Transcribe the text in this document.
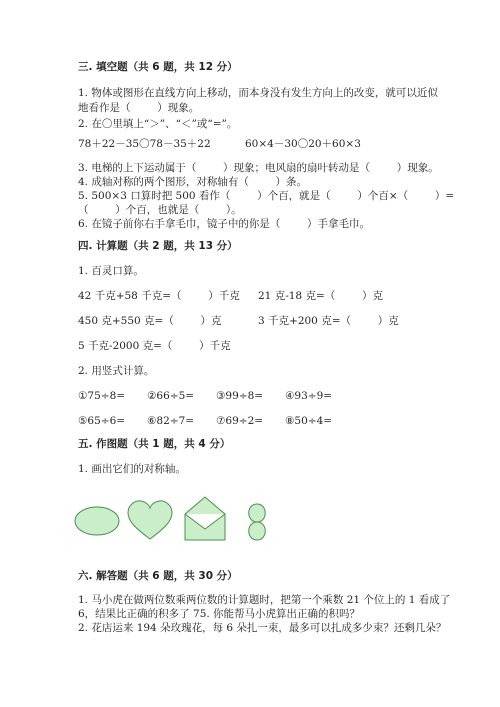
三. 填空题（共 6 题，共 12 分）
1. 物体或图形在直线方向上移动，而本身没有发生方向上的改变，就可以近似
地看作是（        ）现象。
2. 在〇里填上“＞”、“＜”或“=”。
78＋22－35〇78－35＋22	60×4－30〇20＋60×3
3. 电梯的上下运动属于（        ）现象；电风扇的扇叶转动是（        ）现象。
4. 成轴对称的两个图形，对称轴有（        ）条。
5. 500×3 口算时把 500 看作（        ）个百，就是（        ）个百×（        ）=
（        ）个百，也就是（        ）。
6. 在镜子前你右手拿毛巾，镜子中的你是（        ）手拿毛巾。
四. 计算题（共 2 题，共 13 分）
1. 百灵口算。
42 千克+58 千克=（        ）千克 21 克-18 克=（        ）克
450 克+550 克=（        ）克	3 千克+200 克=（        ）克
5 千克-2000 克=（        ）千克
2. 用竖式计算。
①75÷8= ②66÷5= ③99÷8= ④93÷9=
⑤65÷6= ⑥82÷7= ⑦69÷2= ⑧50÷4=
五. 作图题（共 1 题，共 4 分）
1. 画出它们的对称轴。
六. 解答题（共 6 题，共 30 分）
1. 马小虎在做两位数乘两位数的计算题时，把第一个乘数 21 个位上的 1 看成了
6，结果比正确的积多了 75. 你能帮马小虎算出正确的积吗？
2. 花店运来 194 朵玫瑰花，每 6 朵扎一束，最多可以扎成多少束？还剩几朵？
